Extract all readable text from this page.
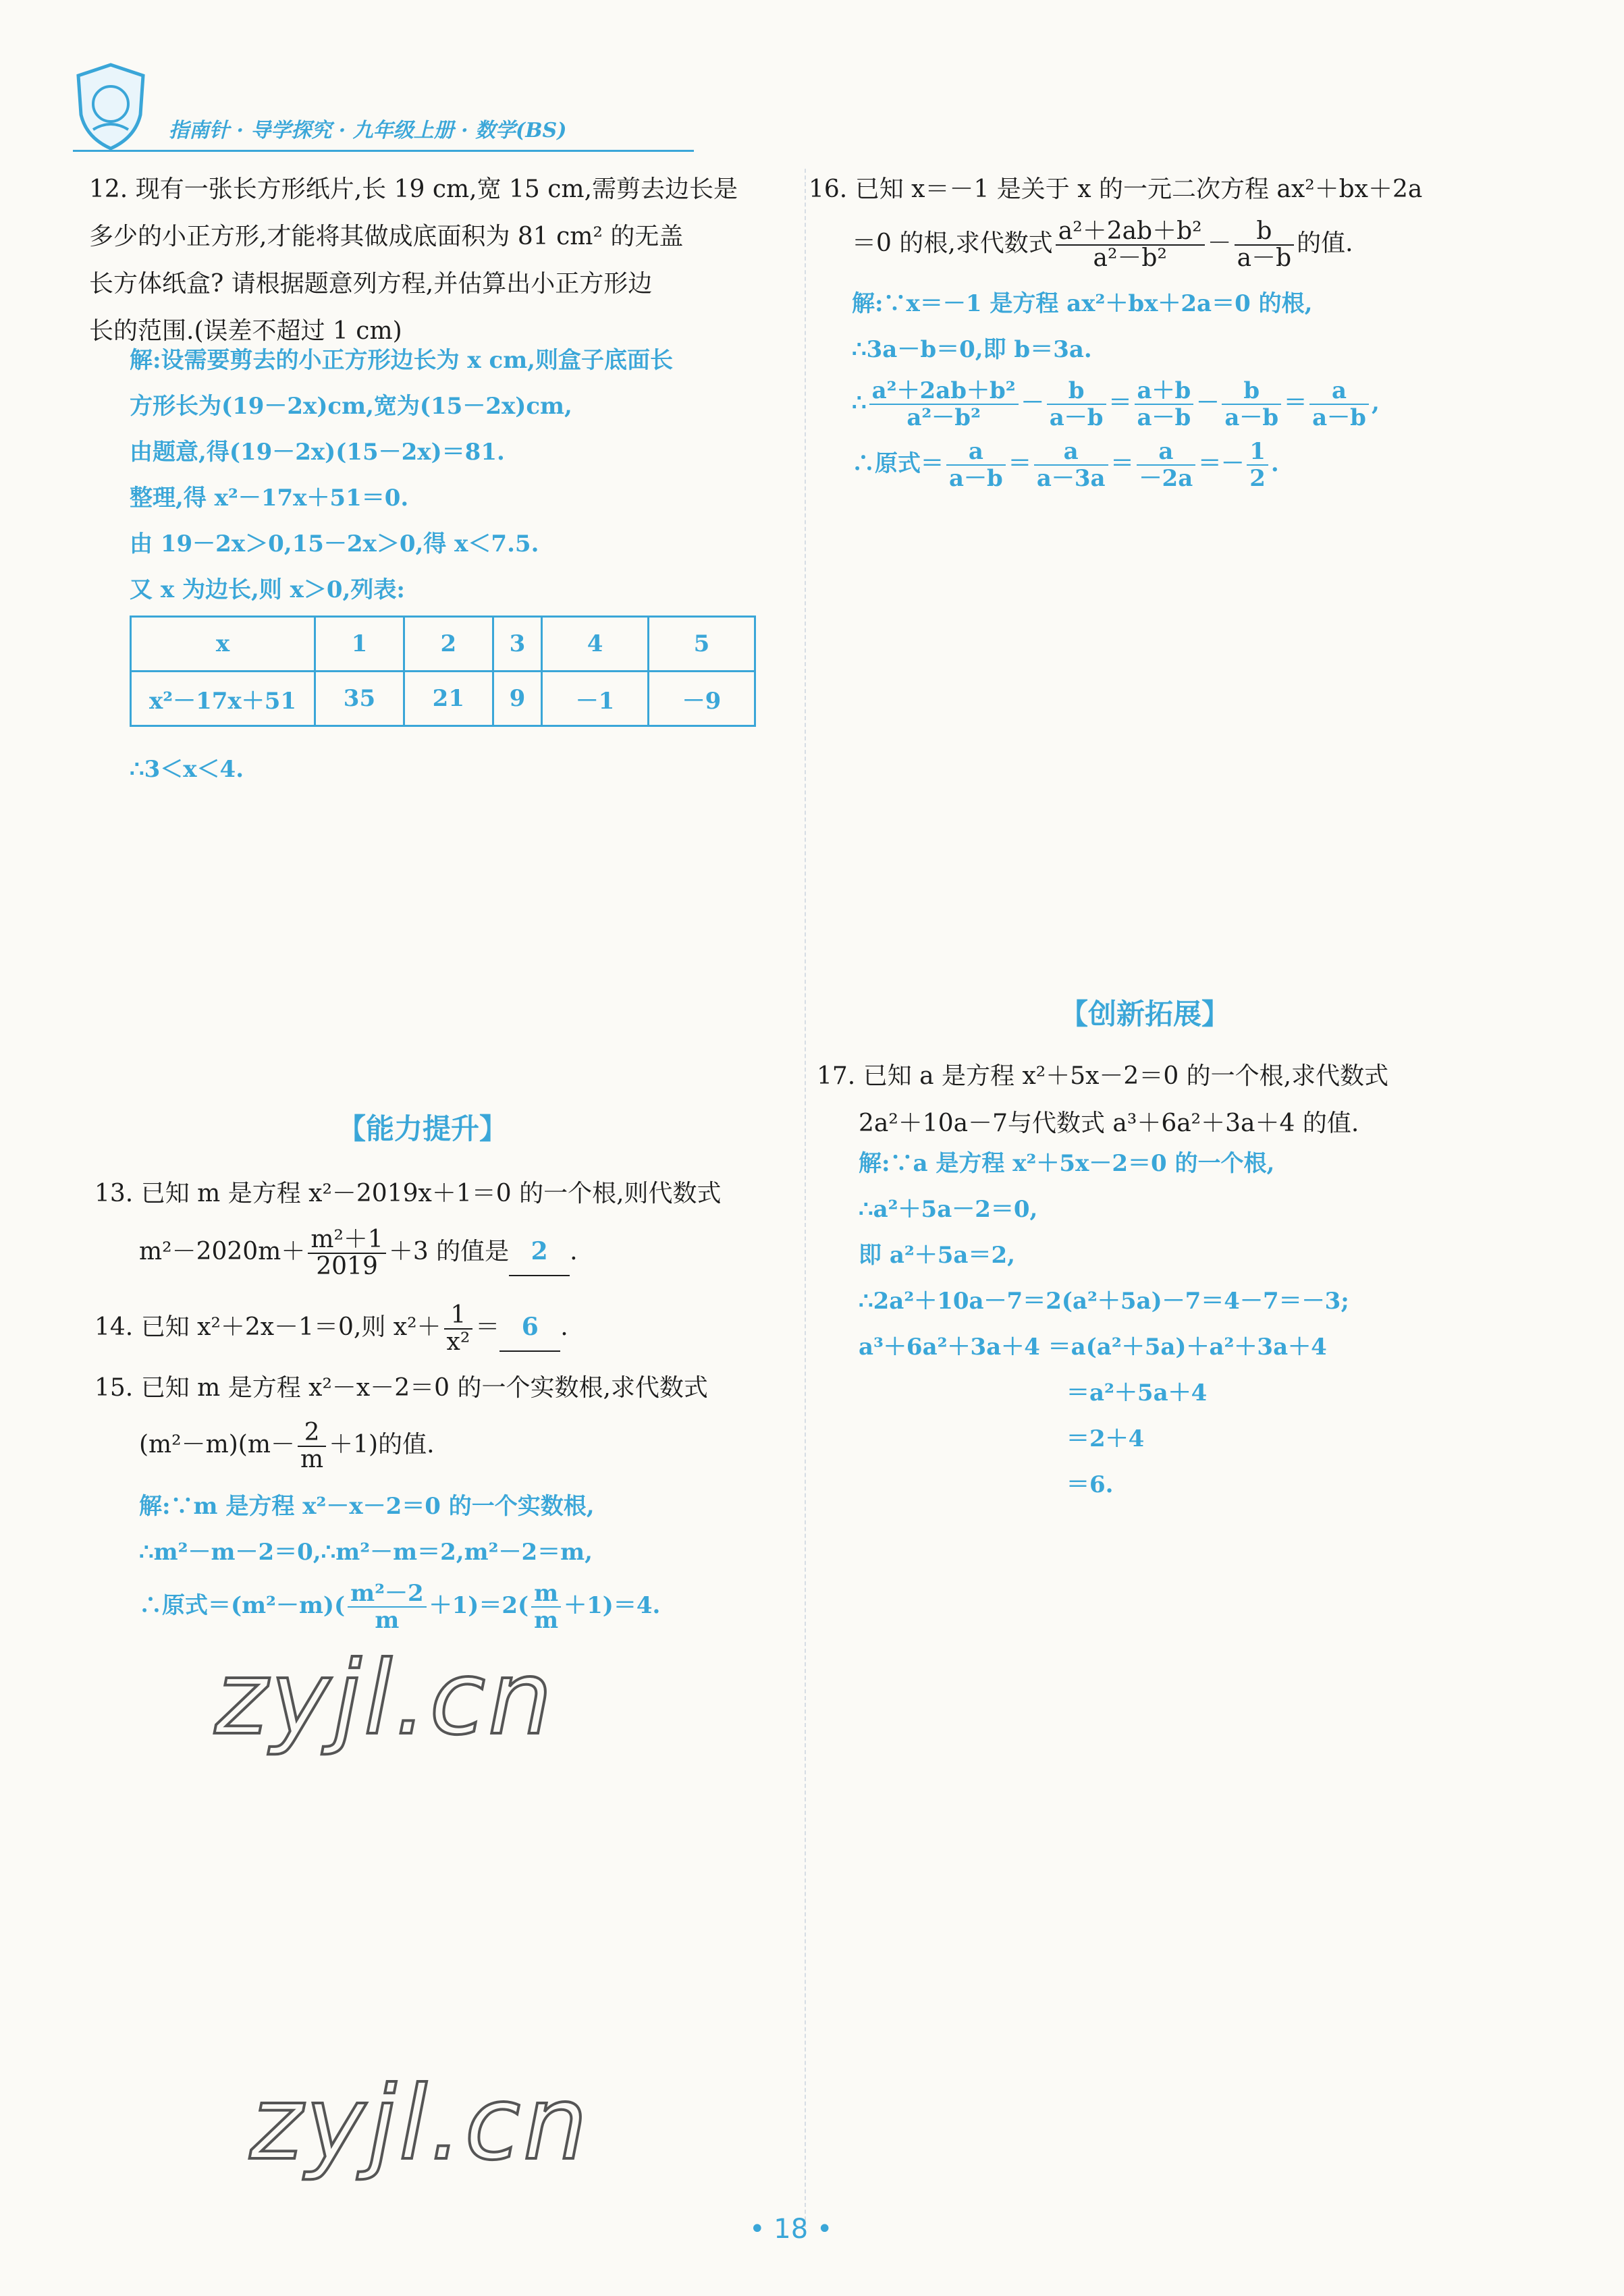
指南针 · 导学探究 · 九年级上册 · 数学(BS)
12. 现有一张长方形纸片,长 19 cm,宽 15 cm,需剪去边长是
多少的小正方形,才能将其做成底面积为 81 cm² 的无盖
长方体纸盒? 请根据题意列方程,并估算出小正方形边
长的范围.(误差不超过 1 cm)
解:设需要剪去的小正方形边长为 x cm,则盒子底面长
方形长为(19－2x)cm,宽为(15－2x)cm,
由题意,得(19－2x)(15－2x)＝81.
整理,得 x²－17x＋51＝0.
由 19－2x＞0,15－2x＞0,得 x＜7.5.
又 x 为边长,则 x＞0,列表:
x	1	2	3	4	5
x²－17x＋51	35	21	9	－1	－9
∴3＜x＜4.
【能力提升】
13. 已知 m 是方程 x²－2019x＋1＝0 的一个根,则代数式
$m^2-2020m+ \frac{\text{m²＋1}}{2019} +3$ 的值是 2 .
14. 已知 x²＋2x－1＝0,则 $x^2+ \frac{1}{\text{x²}} = 6$ .
15. 已知 m 是方程 x²－x－2＝0 的一个实数根,求代数式
$(m^2-m)(m- \frac{2}{m} +1)$的值.
解:∵m 是方程 x²－x－2＝0 的一个实数根,
∴m²－m－2＝0,∴m²－m＝2,m²－2＝m,
∴原式$=(m^2-m)( \frac{\text{m²－2}}{m} +1)=2( \frac{m}{m} +1)=4$.
zyjl.cn
zyjl.cn
16. 已知 x＝－1 是关于 x 的一元二次方程 ax²＋bx＋2a
＝0 的根,求代数式 $\frac{\text{a²＋2ab＋b²}}{\text{a²－b²}} - \frac{b}{a-b}$ 的值.
解:∵x＝－1 是方程 ax²＋bx＋2a＝0 的根,
∴3a－b＝0,即 b＝3a.
∴ $\frac{\text{a²＋2ab＋b²}}{\text{a²－b²}} - \frac{b}{a-b} = \frac{a+b}{a-b} - \frac{b}{a-b} = \frac{a}{a-b}$ ,
∴原式＝ $\frac{a}{a-b} = \frac{a}{a-3a} = \frac{a}{-2a} =- \frac{1}{2}$ .
【创新拓展】
17. 已知 a 是方程 x²＋5x－2＝0 的一个根,求代数式
2a²＋10a－7与代数式 a³＋6a²＋3a＋4 的值.
解:∵a 是方程 x²＋5x－2＝0 的一个根,
∴a²＋5a－2＝0,
即 a²＋5a＝2,
∴2a²＋10a－7＝2(a²＋5a)－7＝4－7＝－3;
a³＋6a²＋3a＋4 ＝a(a²＋5a)＋a²＋3a＋4
＝a²＋5a＋4
＝2＋4
＝6.
• 18 •
